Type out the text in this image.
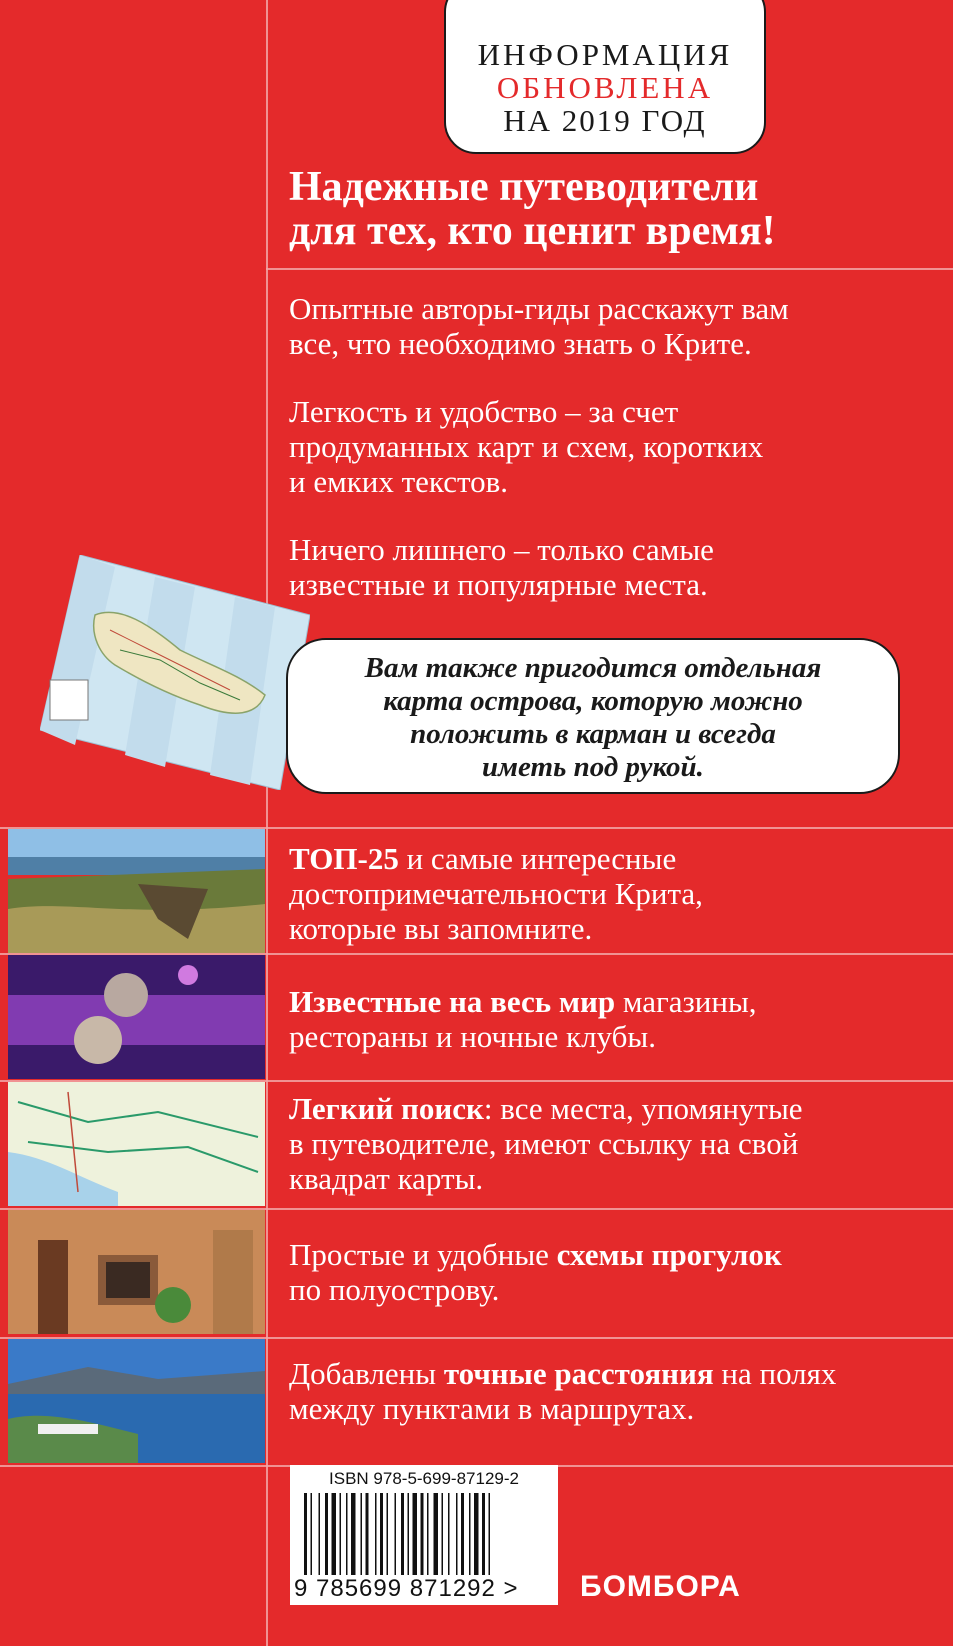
ИНФОРМАЦИЯ
ОБНОВЛЕНА
НА 2019 ГОД
Надежные путеводители
для тех, кто ценит время!
Опытные авторы-гиды расскажут вам
все, что необходимо знать о Крите.
Легкость и удобство – за счет
продуманных карт и схем, коротких
и емких текстов.
Ничего лишнего – только самые
известные и популярные места.
Вам также пригодится отдельная
карта острова, которую можно
положить в карман и всегда
иметь под рукой.
ТОП-25 и самые интересные
достопримечательности Крита,
которые вы запомните.
Известные на весь мир магазины,
рестораны и ночные клубы.
Легкий поиск: все места, упомянутые
в путеводителе, имеют ссылку на свой
квадрат карты.
Простые и удобные схемы прогулок
по полуострову.
Добавлены точные расстояния на полях
между пунктами в маршрутах.
ISBN 978-5-699-87129-2
9 785699 871292 >	БОМБОРА
